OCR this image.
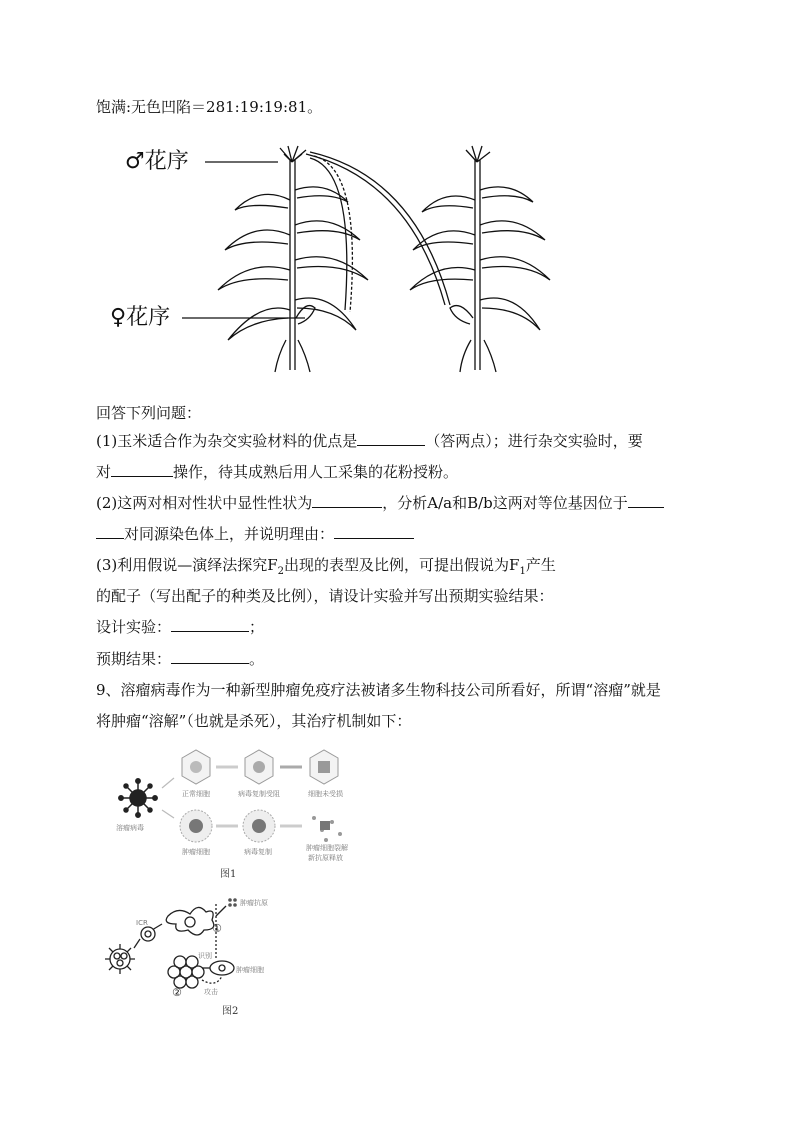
饱满:无色凹陷＝281:19:19:81。
♂花序
♀花序
回答下列问题：
(1)玉米适合作为杂交实验材料的优点是	（答两点）；进行杂交实验时，要
对	操作，待其成熟后用人工采集的花粉授粉。
(2)这两对相对性状中显性性状为	，分析A/a和B/b这两对等位基因位于
对同源染色体上，并说明理由：
(3)利用假说—演绎法探究$F_2$出现的表型及比例，可提出假说为$F_1$产生
的配子（写出配子的种类及比例），请设计实验并写出预期实验结果：
设计实验：	；
预期结果：	。
9、溶瘤病毒作为一种新型肿瘤免疫疗法被诸多生物科技公司所看好，所谓“溶瘤”就是
将肿瘤“溶解”（也就是杀死），其治疗机制如下：
溶瘤病毒
正常细胞	病毒复制受阻	细胞未受损
肿瘤细胞	病毒复制	肿瘤细胞裂解
新抗原释放
图1
肿瘤抗原
ICR	①
识别
肿瘤细胞
②	攻击
图2
